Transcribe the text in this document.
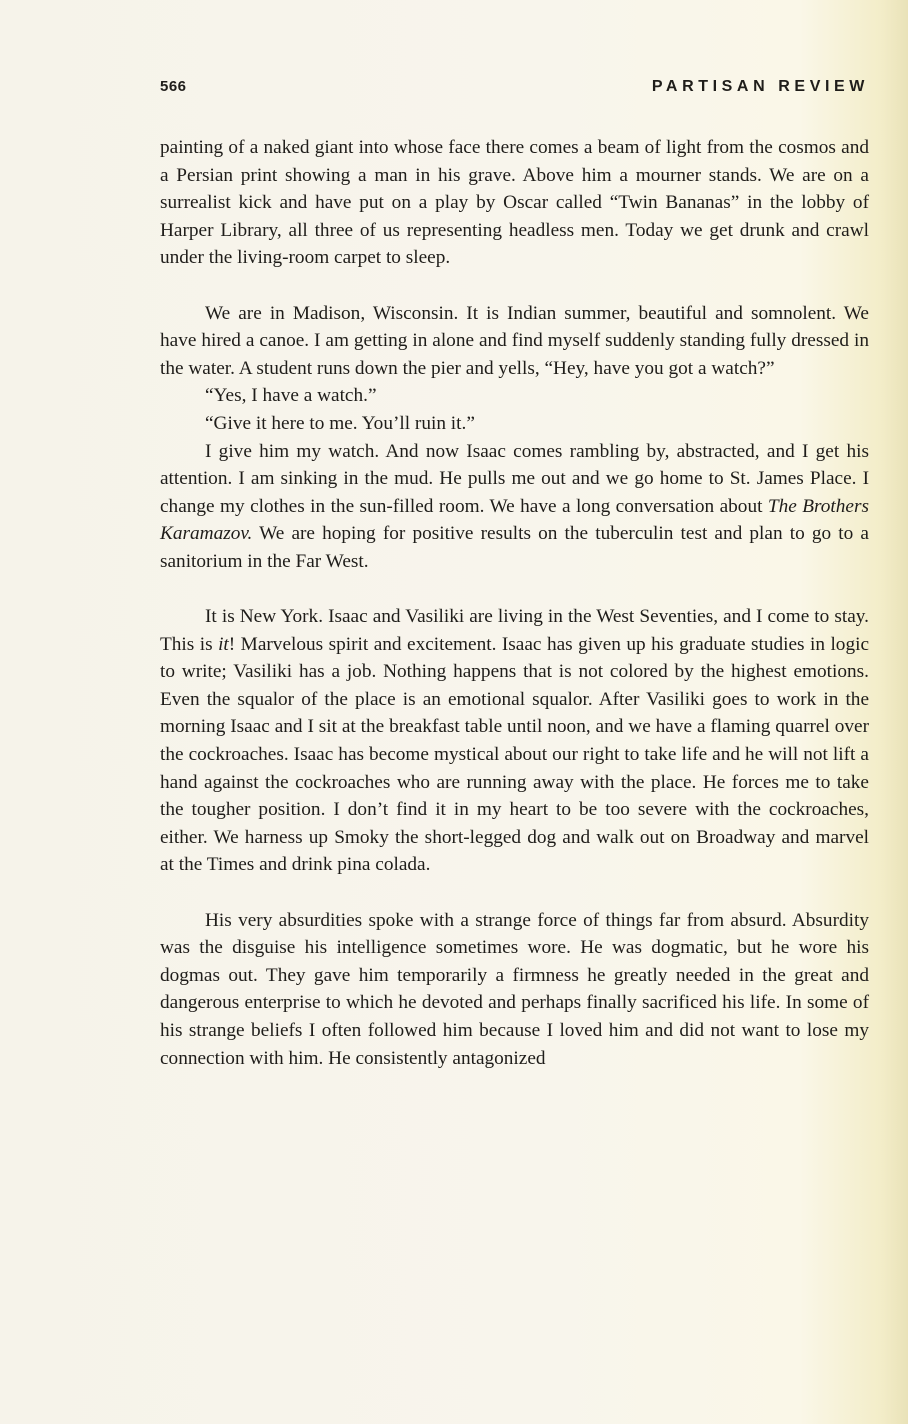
566	PARTISAN REVIEW

painting of a naked giant into whose face there comes a beam of light from the cosmos and a Persian print showing a man in his grave. Above him a mourner stands. We are on a surrealist kick and have put on a play by Oscar called “Twin Bananas” in the lobby of Harper Library, all three of us representing headless men. Today we get drunk and crawl under the living-room carpet to sleep.

We are in Madison, Wisconsin. It is Indian summer, beautiful and somnolent. We have hired a canoe. I am getting in alone and find myself suddenly standing fully dressed in the water. A student runs down the pier and yells, “Hey, have you got a watch?”

“Yes, I have a watch.”

“Give it here to me. You’ll ruin it.”

I give him my watch. And now Isaac comes rambling by, abstracted, and I get his attention. I am sinking in the mud. He pulls me out and we go home to St. James Place. I change my clothes in the sun-filled room. We have a long conversation about The Brothers Karamazov. We are hoping for positive results on the tuberculin test and plan to go to a sanitorium in the Far West.

It is New York. Isaac and Vasiliki are living in the West Seventies, and I come to stay. This is it! Marvelous spirit and excitement. Isaac has given up his graduate studies in logic to write; Vasiliki has a job. Nothing happens that is not colored by the highest emotions. Even the squalor of the place is an emotional squalor. After Vasiliki goes to work in the morning Isaac and I sit at the breakfast table until noon, and we have a flaming quarrel over the cockroaches. Isaac has become mystical about our right to take life and he will not lift a hand against the cockroaches who are running away with the place. He forces me to take the tougher position. I don’t find it in my heart to be too severe with the cockroaches, either. We harness up Smoky the short-legged dog and walk out on Broadway and marvel at the Times and drink pina colada.

His very absurdities spoke with a strange force of things far from absurd. Absurdity was the disguise his intelligence sometimes wore. He was dogmatic, but he wore his dogmas out. They gave him temporarily a firmness he greatly needed in the great and dangerous enterprise to which he devoted and perhaps finally sacrificed his life. In some of his strange beliefs I often followed him because I loved him and did not want to lose my connection with him. He consistently antagonized
